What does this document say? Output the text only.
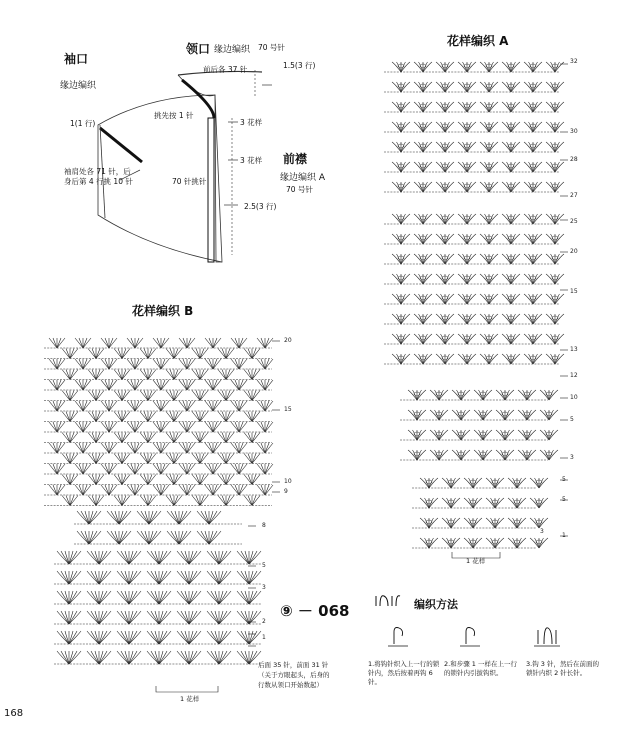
袖口
缘边编织
领口 缘边编织 70 号针
前后各 37 针	1.5(3 行)
1(1 行)
挑先按 1 针
3 花样
3 花样
70 针挑针
前襟
缘边编织 A
70 号针
2.5(3 行)
袖肩处各 71 针，后
身后第 4 行挑 10 针
花样编织 A
1 花样
32
30
28
27
25
20
15
13
12
10
5
3
5
5
1
3
花样编织 B
1 花样
20
15
10
9
8
5
3
2
1
后面 35 针，前面 31 针
（关于方眼起头，后身的
行数从领口开始数起）
⑨ － 068	编织方法
1.将钩针织入上一行的锁针内，然后按着再钩 6 针。
2.和步骤 1 一样在上一行的锁针内引拔钩织。
3.钩 3 针，然后在前面的锁针内织 2 针长针。
168
